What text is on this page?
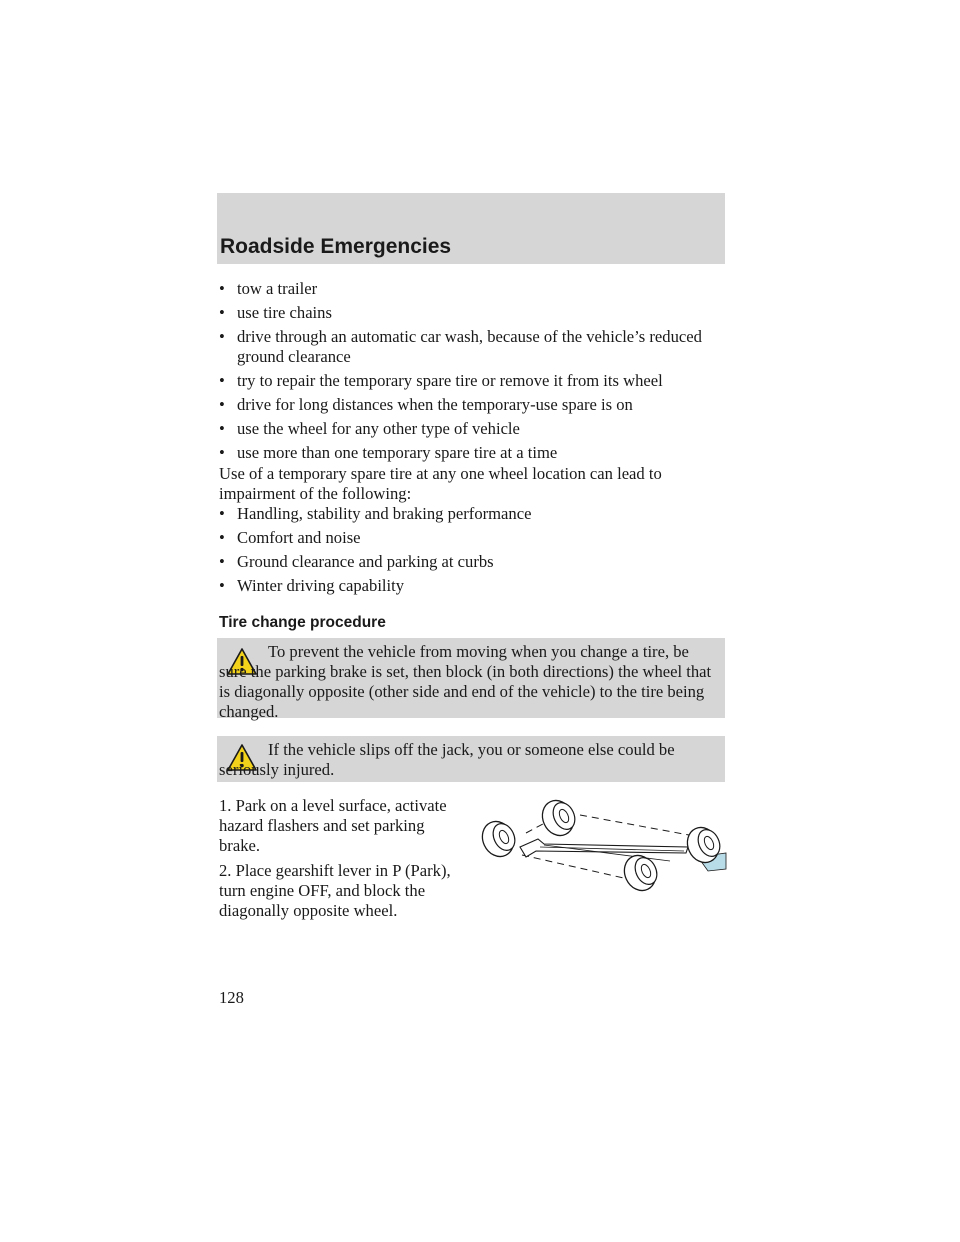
Roadside Emergencies
• tow a trailer
• use tire chains
• drive through an automatic car wash, because of the vehicle’s reduced ground clearance
• try to repair the temporary spare tire or remove it from its wheel
• drive for long distances when the temporary-use spare is on
• use the wheel for any other type of vehicle
• use more than one temporary spare tire at a time

Use of a temporary spare tire at any one wheel location can lead to impairment of the following:

• Handling, stability and braking performance
• Comfort and noise
• Ground clearance and parking at curbs
• Winter driving capability
Tire change procedure

To prevent the vehicle from moving when you change a tire, be sure the parking brake is set, then block (in both directions) the wheel that is diagonally opposite (other side and end of the vehicle) to the tire being changed.

If the vehicle slips off the jack, you or someone else could be seriously injured.

1. Park on a level surface, activate hazard flashers and set parking brake.

2. Place gearshift lever in P (Park), turn engine OFF, and block the diagonally opposite wheel.

128
